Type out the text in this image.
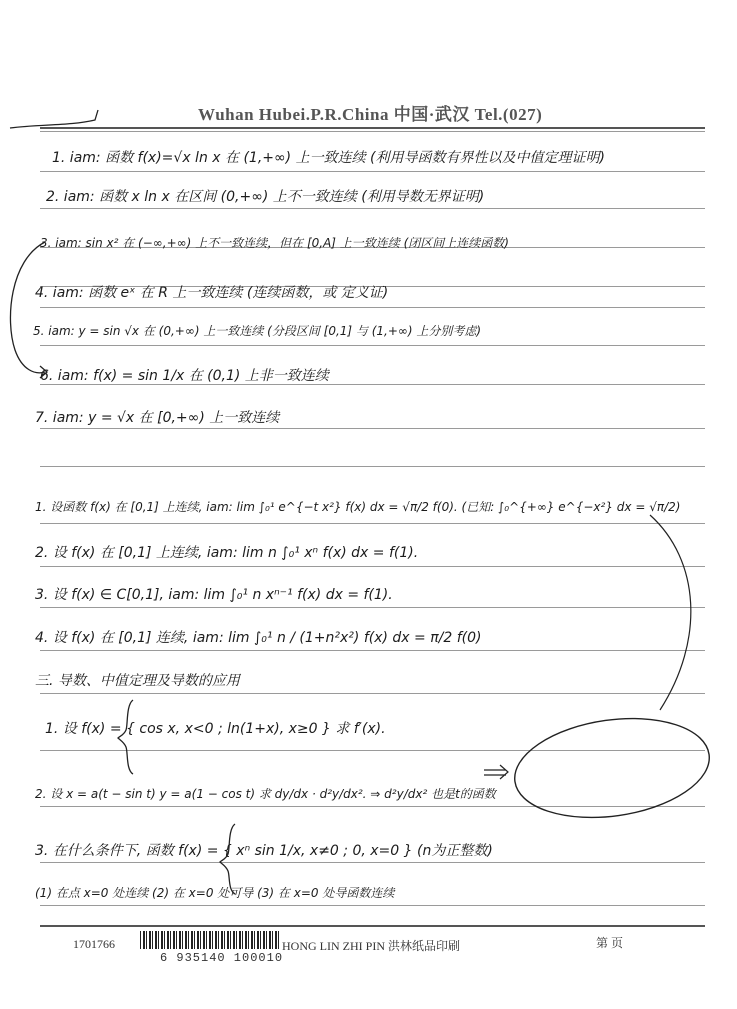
Wuhan Hubei.P.R.China 中国·武汉 Tel.(027)
1. iam: 函数 f(x)=√x ln x 在 (1,+∞) 上一致连续 (利用导函数有界性以及中值定理证明)
2. iam: 函数 x ln x 在区间 (0,+∞) 上不一致连续 (利用导数无界证明)
3. iam: sin x² 在 (−∞,+∞) 上不一致连续，但在 [0,A] 上一致连续 (闭区间上连续函数)
4. iam: 函数 eˣ 在 R 上一致连续 (连续函数，或 定义证)
5. iam: y = sin √x 在 (0,+∞) 上一致连续 (分段区间 [0,1] 与 (1,+∞) 上分别考虑)
6. iam: f(x) = sin 1/x 在 (0,1) 上非一致连续
7. iam: y = √x 在 [0,+∞) 上一致连续
1. 设函数 f(x) 在 [0,1] 上连续, iam: lim ∫₀¹ e^{−t x²} f(x) dx = √π/2 f(0). (已知: ∫₀^{+∞} e^{−x²} dx = √π/2)
2. 设 f(x) 在 [0,1] 上连续, iam: lim n ∫₀¹ xⁿ f(x) dx = f(1).
3. 设 f(x) ∈ C[0,1], iam: lim ∫₀¹ n xⁿ⁻¹ f(x) dx = f(1).
4. 设 f(x) 在 [0,1] 连续, iam: lim ∫₀¹ n / (1+n²x²) f(x) dx = π/2 f(0)
三. 导数、中值定理及导数的应用
1. 设 f(x) = { cos x, x<0 ; ln(1+x), x≥0 } 求 f′(x).
2. 设 x = a(t − sin t) y = a(1 − cos t) 求 dy/dx · d²y/dx². ⇒ d²y/dx² 也是t的函数
3. 在什么条件下, 函数 f(x) = { xⁿ sin 1/x, x≠0 ; 0, x=0 } (n为正整数)
(1) 在点 x=0 处连续 (2) 在 x=0 处可导 (3) 在 x=0 处导函数连续
1701766
6 935140 100010
HONG LIN ZHI PIN 洪林纸品印刷	第 页
